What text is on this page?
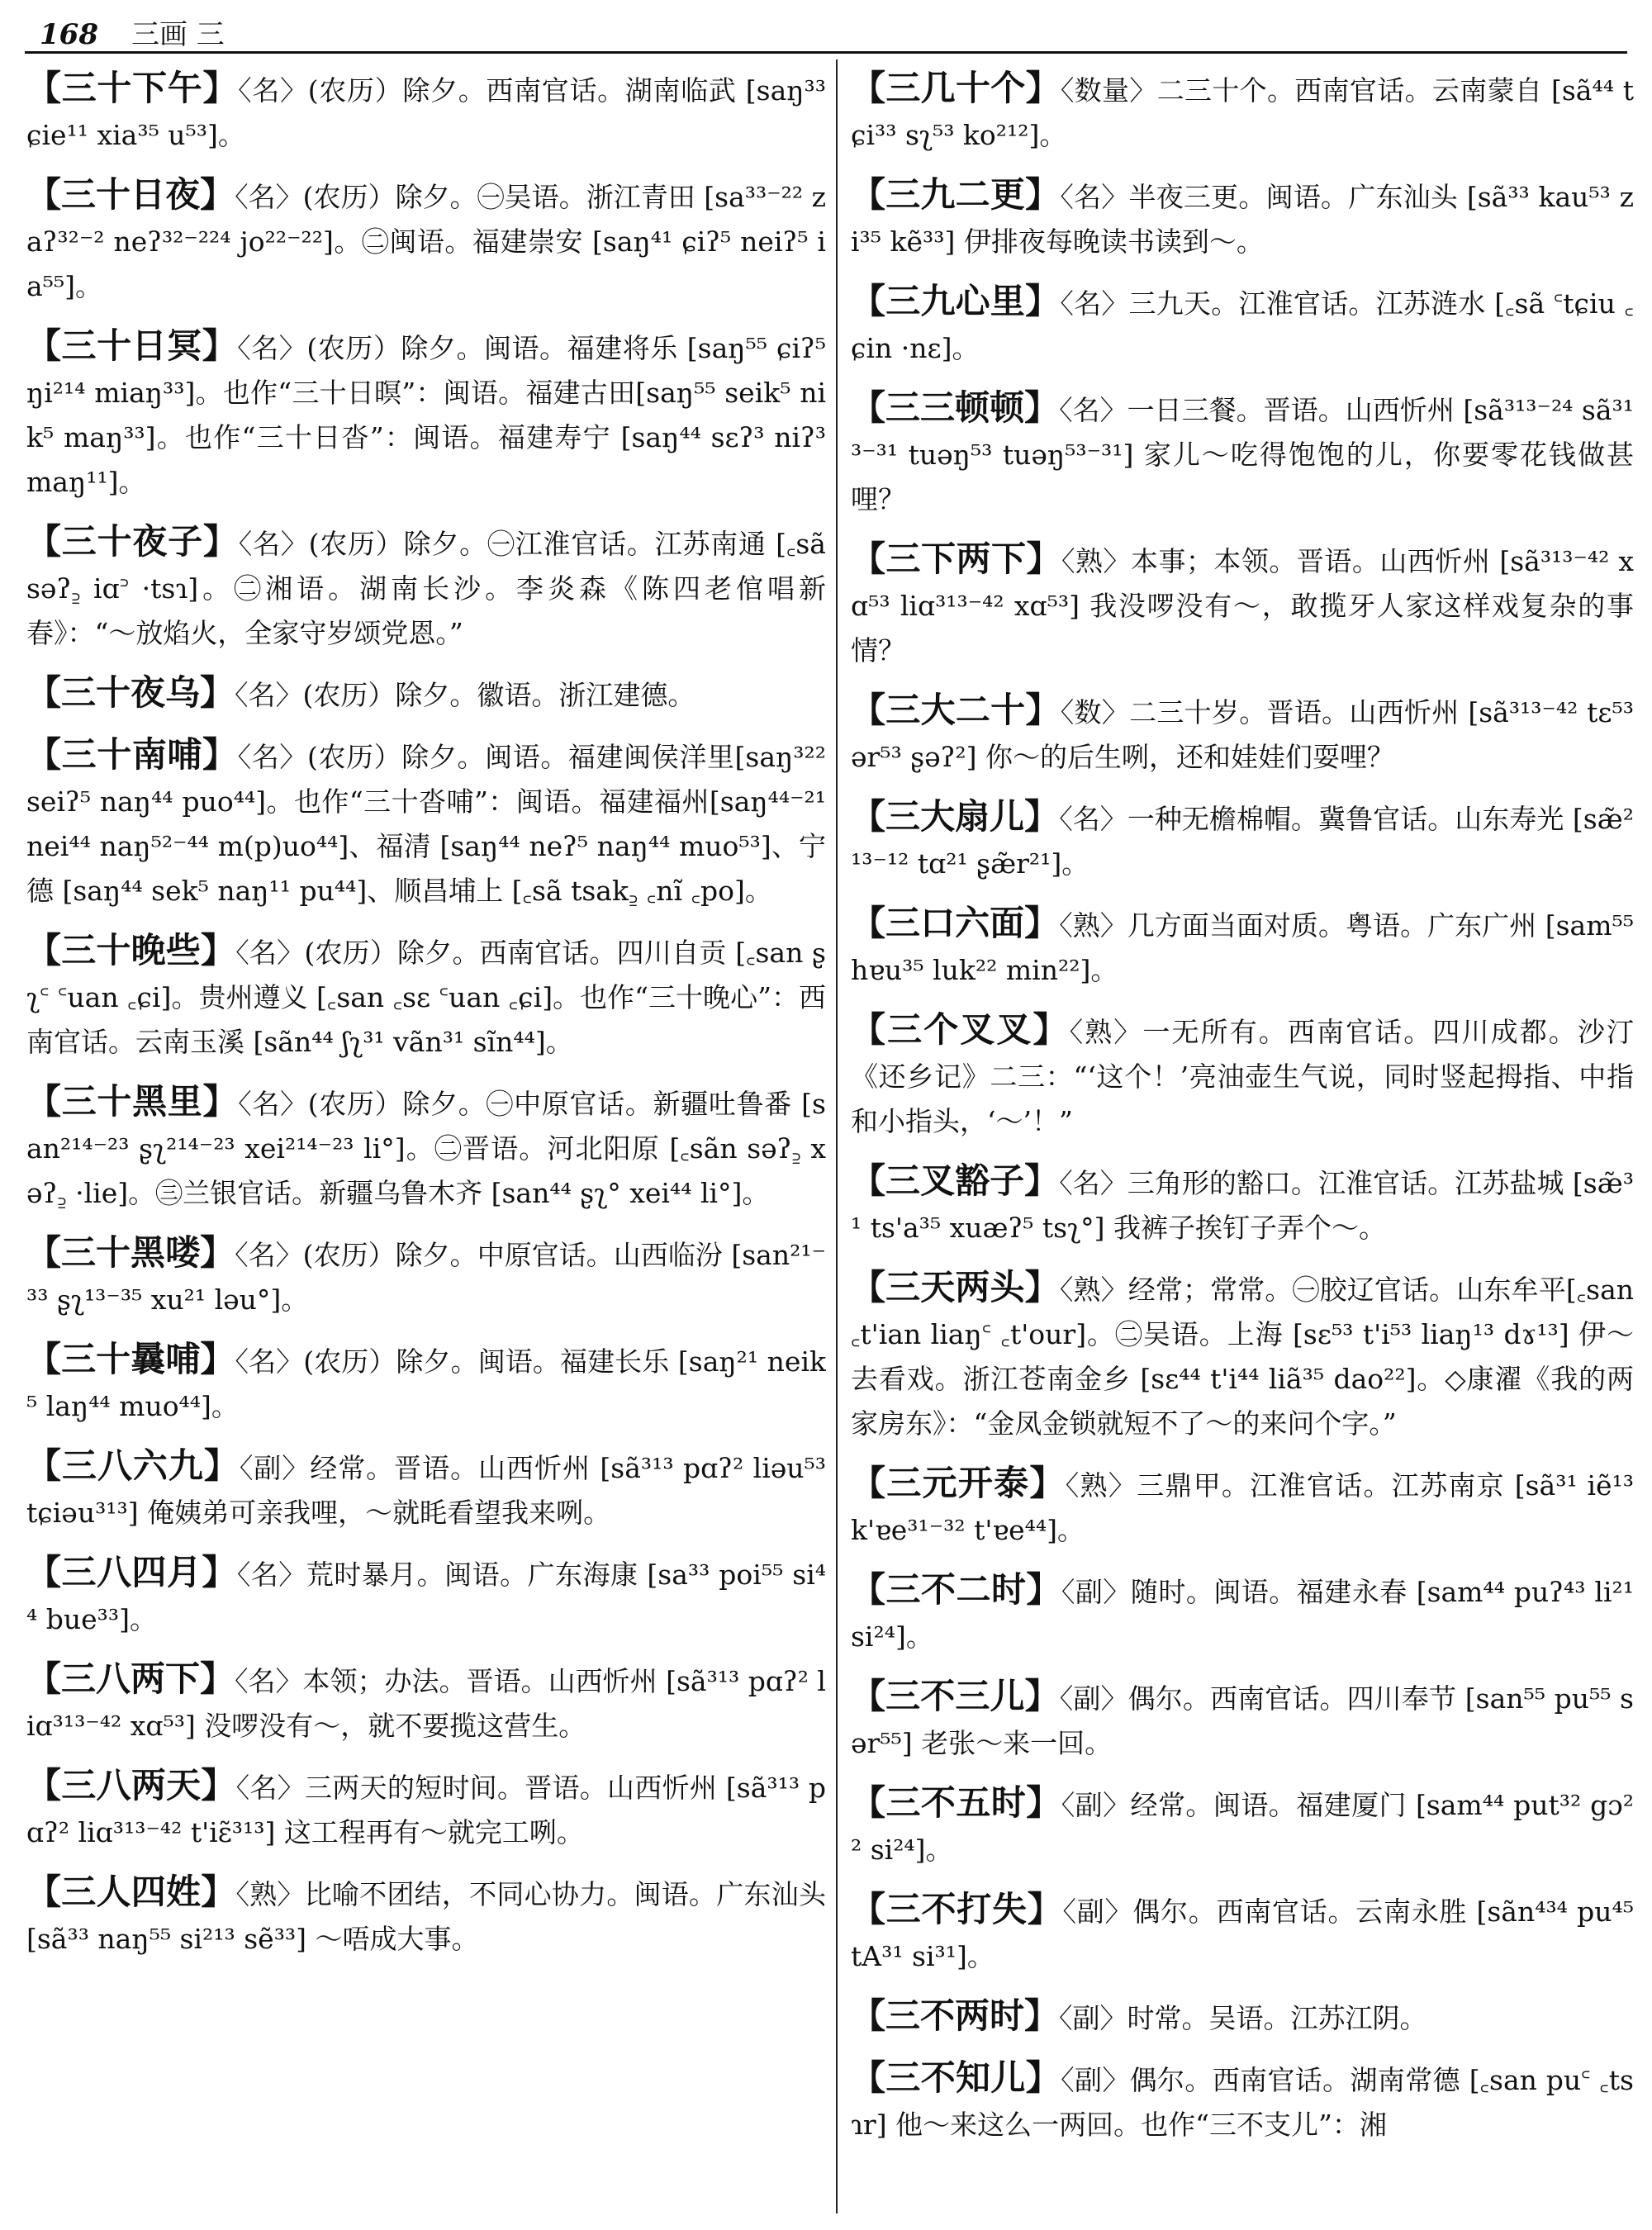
168 三画 三

【三十下午】〈名〉(农历）除夕。西南官话。湖南临武 [saŋ³³ ɕie¹¹ xia³⁵ u⁵³]。

【三十日夜】〈名〉(农历）除夕。㊀吴语。浙江青田 [sa³³⁻²² zaʔ³²⁻² neʔ³²⁻²²⁴ jo²²⁻²²]。㊁闽语。福建崇安 [saŋ⁴¹ ɕiʔ⁵ neiʔ⁵ ia⁵⁵]。

【三十日冥】〈名〉(农历）除夕。闽语。福建将乐 [saŋ⁵⁵ ɕiʔ⁵ ŋi²¹⁴ miaŋ³³]。也作“三十日暝”：闽语。福建古田[saŋ⁵⁵ seik⁵ nik⁵ maŋ³³]。也作“三十日沓”：闽语。福建寿宁 [saŋ⁴⁴ sɛʔ³ niʔ³ maŋ¹¹]。

【三十夜子】〈名〉(农历）除夕。㊀江淮官话。江苏南通 [꜀sã səʔ꜇ iɑ꜄ ·tsɿ]。㊁湘语。湖南长沙。李炎森《陈四老倌唱新春》：“～放焰火，全家守岁颂党恩。”

【三十夜乌】〈名〉(农历）除夕。徽语。浙江建德。

【三十南哺】〈名〉(农历）除夕。闽语。福建闽侯洋里[saŋ³²² seiʔ⁵ naŋ⁴⁴ puo⁴⁴]。也作“三十沓哺”：闽语。福建福州[saŋ⁴⁴⁻²¹ nei⁴⁴ naŋ⁵²⁻⁴⁴ m(p)uo⁴⁴]、福清 [saŋ⁴⁴ neʔ⁵ naŋ⁴⁴ muo⁵³]、宁德 [saŋ⁴⁴ sek⁵ naŋ¹¹ pu⁴⁴]、顺昌埔上 [꜀sã tsak꜇ ꜀nĩ ꜀po]。

【三十晚些】〈名〉(农历）除夕。西南官话。四川自贡 [꜀san ʂʅ꜂ ꜂uan ꜀ɕi]。贵州遵义 [꜀san ꜀sɛ ꜂uan ꜀ɕi]。也作“三十晚心”：西南官话。云南玉溪 [sãn⁴⁴ ʃʅ³¹ vãn³¹ sĩn⁴⁴]。

【三十黑里】〈名〉(农历）除夕。㊀中原官话。新疆吐鲁番 [san²¹⁴⁻²³ ʂʅ²¹⁴⁻²³ xei²¹⁴⁻²³ li°]。㊁晋语。河北阳原 [꜀sãn səʔ꜇ xəʔ꜇ ·lie]。㊂兰银官话。新疆乌鲁木齐 [san⁴⁴ ʂʅ° xei⁴⁴ li°]。

【三十黑喽】〈名〉(农历）除夕。中原官话。山西临汾 [san²¹⁻³³ ʂʅ¹³⁻³⁵ xu²¹ ləu°]。

【三十曩哺】〈名〉(农历）除夕。闽语。福建长乐 [saŋ²¹ neik⁵ laŋ⁴⁴ muo⁴⁴]。

【三八六九】〈副〉经常。晋语。山西忻州 [sã³¹³ pɑʔ² liəu⁵³ tɕiəu³¹³] 俺姨弟可亲我哩，～就眊看望我来咧。

【三八四月】〈名〉荒时暴月。闽语。广东海康 [sa³³ poi⁵⁵ si⁴⁴ bue³³]。

【三八两下】〈名〉本领；办法。晋语。山西忻州 [sã³¹³ pɑʔ² liɑ³¹³⁻⁴² xɑ⁵³] 没啰没有～，就不要揽这营生。

【三八两天】〈名〉三两天的短时间。晋语。山西忻州 [sã³¹³ pɑʔ² liɑ³¹³⁻⁴² t'iɛ̃³¹³] 这工程再有～就完工咧。

【三人四姓】〈熟〉比喻不团结，不同心协力。闽语。广东汕头 [sã³³ naŋ⁵⁵ si²¹³ sẽ³³] ～唔成大事。

【三几十个】〈数量〉二三十个。西南官话。云南蒙自 [sã⁴⁴ tɕi³³ sʅ⁵³ ko²¹²]。

【三九二更】〈名〉半夜三更。闽语。广东汕头 [sã³³ kau⁵³ zi³⁵ kẽ³³] 伊排夜每晚读书读到～。

【三九心里】〈名〉三九天。江淮官话。江苏涟水 [꜀sã ꜂tɕiu ꜀ɕin ·nɛ]。

【三三顿顿】〈名〉一日三餐。晋语。山西忻州 [sã³¹³⁻²⁴ sã³¹³⁻³¹ tuəŋ⁵³ tuəŋ⁵³⁻³¹] 家儿～吃得饱饱的儿，你要零花钱做甚哩？

【三下两下】〈熟〉本事；本领。晋语。山西忻州 [sã³¹³⁻⁴² xɑ⁵³ liɑ³¹³⁻⁴² xɑ⁵³] 我没啰没有～，敢揽牙人家这样戏复杂的事情？

【三大二十】〈数〉二三十岁。晋语。山西忻州 [sã³¹³⁻⁴² tɛ⁵³ ər⁵³ ʂəʔ²] 你～的后生咧，还和娃娃们耍哩？

【三大扇儿】〈名〉一种无檐棉帽。冀鲁官话。山东寿光 [sæ̃²¹³⁻¹² tɑ²¹ ʂæ̃r²¹]。

【三口六面】〈熟〉几方面当面对质。粤语。广东广州 [sam⁵⁵ hɐu³⁵ luk²² min²²]。

【三个叉叉】〈熟〉一无所有。西南官话。四川成都。沙汀《还乡记》二三：“‘这个！’亮油壶生气说，同时竖起拇指、中指和小指头，‘～’！”

【三叉豁子】〈名〉三角形的豁口。江淮官话。江苏盐城 [sæ̃³¹ ts'a³⁵ xuæʔ⁵ tsʅ°] 我裤子挨钉子弄个～。

【三天两头】〈熟〉经常；常常。㊀胶辽官话。山东牟平[꜀san ꜀t'ian liaŋ꜂ ꜀t'our]。㊁吴语。上海 [sɛ⁵³ t'i⁵³ liaŋ¹³ dɤ¹³] 伊～去看戏。浙江苍南金乡 [sɛ⁴⁴ t'i⁴⁴ liã³⁵ dao²²]。◇康濯《我的两家房东》：“金凤金锁就短不了～的来问个字。”

【三元开泰】〈熟〉三鼎甲。江淮官话。江苏南京 [sã³¹ iẽ¹³ k'ɐe³¹⁻³² t'ɐe⁴⁴]。

【三不二时】〈副〉随时。闽语。福建永春 [sam⁴⁴ puʔ⁴³ li²¹ si²⁴]。

【三不三儿】〈副〉偶尔。西南官话。四川奉节 [san⁵⁵ pu⁵⁵ sər⁵⁵] 老张～来一回。

【三不五时】〈副〉经常。闽语。福建厦门 [sam⁴⁴ put³² gɔ²² si²⁴]。

【三不打失】〈副〉偶尔。西南官话。云南永胜 [sãn⁴³⁴ pu⁴⁵ tA³¹ si³¹]。

【三不两时】〈副〉时常。吴语。江苏江阴。

【三不知儿】〈副〉偶尔。西南官话。湖南常德 [꜀san pu꜂ ꜀tsɿr] 他～来这么一两回。也作“三不支儿”：湘
